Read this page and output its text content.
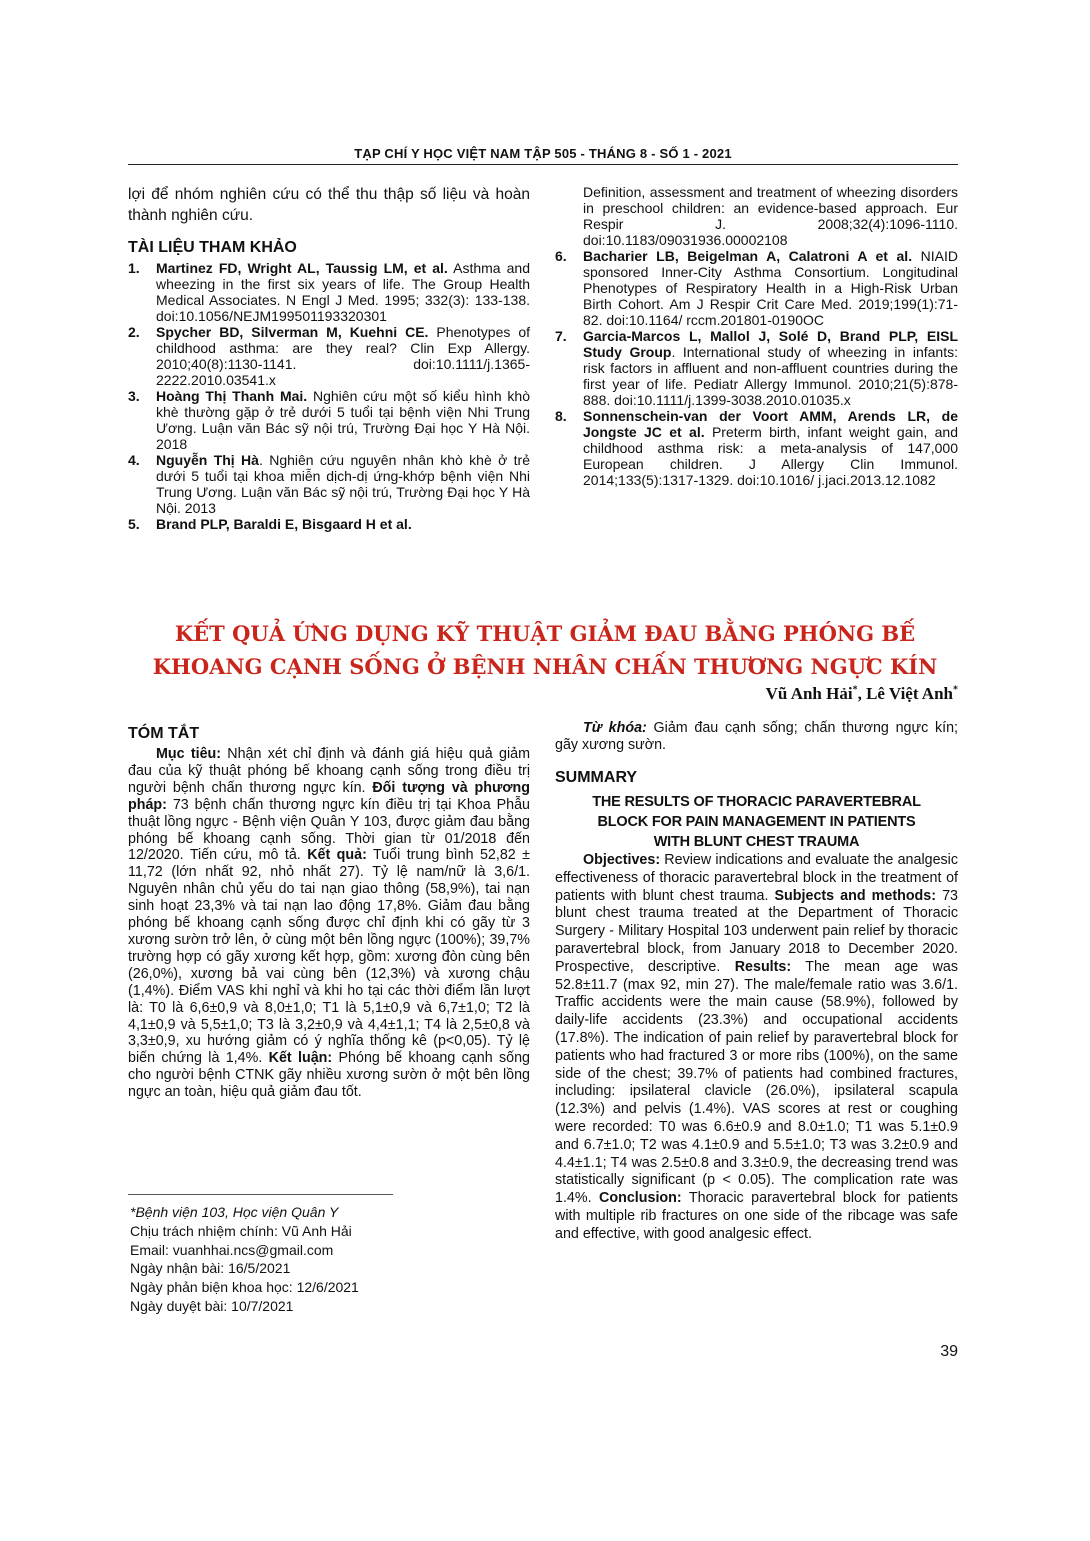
TẠP CHÍ Y HỌC VIỆT NAM TẬP 505 - THÁNG 8 - SỐ 1 - 2021

lợi để nhóm nghiên cứu có thể thu thập số liệu và hoàn thành nghiên cứu.

TÀI LIỆU THAM KHẢO
1. Martinez FD, Wright AL, Taussig LM, et al. Asthma and wheezing in the first six years of life. The Group Health Medical Associates. N Engl J Med. 1995; 332(3): 133-138. doi:10.1056/NEJM199501193320301
2. Spycher BD, Silverman M, Kuehni CE. Phenotypes of childhood asthma: are they real? Clin Exp Allergy. 2010;40(8):1130-1141. doi:10.1111/j.1365-2222.2010.03541.x
3. Hoàng Thị Thanh Mai. Nghiên cứu một số kiểu hình khò khè thường gặp ở trẻ dưới 5 tuổi tại bệnh viện Nhi Trung Ương. Luận văn Bác sỹ nội trú, Trường Đại học Y Hà Nội. 2018
4. Nguyễn Thị Hà. Nghiên cứu nguyên nhân khò khè ở trẻ dưới 5 tuổi tại khoa miễn dịch-dị ứng-khớp bệnh viện Nhi Trung Ương. Luận văn Bác sỹ nội trú, Trường Đại học Y Hà Nội. 2013
5. Brand PLP, Baraldi E, Bisgaard H et al.
Definition, assessment and treatment of wheezing disorders in preschool children: an evidence-based approach. Eur Respir J. 2008;32(4):1096-1110. doi:10.1183/09031936.00002108
6. Bacharier LB, Beigelman A, Calatroni A et al. NIAID sponsored Inner-City Asthma Consortium. Longitudinal Phenotypes of Respiratory Health in a High-Risk Urban Birth Cohort. Am J Respir Crit Care Med. 2019;199(1):71-82. doi:10.1164/ rccm.201801-0190OC
7. Garcia-Marcos L, Mallol J, Solé D, Brand PLP, EISL Study Group. International study of wheezing in infants: risk factors in affluent and non-affluent countries during the first year of life. Pediatr Allergy Immunol. 2010;21(5):878-888. doi:10.1111/j.1399-3038.2010.01035.x
8. Sonnenschein-van der Voort AMM, Arends LR, de Jongste JC et al. Preterm birth, infant weight gain, and childhood asthma risk: a meta-analysis of 147,000 European children. J Allergy Clin Immunol. 2014;133(5):1317-1329. doi:10.1016/ j.jaci.2013.12.1082
KẾT QUẢ ỨNG DỤNG KỸ THUẬT GIẢM ĐAU BẰNG PHÓNG BẾ
KHOANG CẠNH SỐNG Ở BỆNH NHÂN CHẤN THƯƠNG NGỰC KÍN
Vũ Anh Hải*, Lê Việt Anh*
TÓM TẮT

Mục tiêu: Nhận xét chỉ định và đánh giá hiệu quả giảm đau của kỹ thuật phóng bế khoang cạnh sống trong điều trị người bệnh chấn thương ngực kín. Đối tượng và phương pháp: 73 bệnh chấn thương ngực kín điều trị tại Khoa Phẫu thuật lồng ngực - Bệnh viện Quân Y 103, được giảm đau bằng phóng bế khoang cạnh sống. Thời gian từ 01/2018 đến 12/2020. Tiến cứu, mô tả. Kết quả: Tuổi trung bình 52,82 ± 11,72 (lớn nhất 92, nhỏ nhất 27). Tỷ lệ nam/nữ là 3,6/1. Nguyên nhân chủ yếu do tai nạn giao thông (58,9%), tai nạn sinh hoạt 23,3% và tai nạn lao động 17,8%. Giảm đau bằng phóng bế khoang cạnh sống được chỉ định khi có gãy từ 3 xương sườn trở lên, ở cùng một bên lồng ngực (100%); 39,7% trường hợp có gãy xương kết hợp, gồm: xương đòn cùng bên (26,0%), xương bả vai cùng bên (12,3%) và xương chậu (1,4%). Điểm VAS khi nghỉ và khi ho tại các thời điểm lần lượt là: T0 là 6,6±0,9 và 8,0±1,0; T1 là 5,1±0,9 và 6,7±1,0; T2 là 4,1±0,9 và 5,5±1,0; T3 là 3,2±0,9 và 4,4±1,1; T4 là 2,5±0,8 và 3,3±0,9, xu hướng giảm có ý nghĩa thống kê (p<0,05). Tỷ lệ biến chứng là 1,4%. Kết luận: Phóng bế khoang cạnh sống cho người bệnh CTNK gãy nhiều xương sườn ở một bên lồng ngực an toàn, hiệu quả giảm đau tốt.

*Bệnh viện 103, Học viện Quân Y

Chịu trách nhiệm chính: Vũ Anh Hải

Email: vuanhhai.ncs@gmail.com

Ngày nhận bài: 16/5/2021

Ngày phản biện khoa học: 12/6/2021

Ngày duyệt bài: 10/7/2021

Từ khóa: Giảm đau cạnh sống; chấn thương ngực kín; gãy xương sườn.

SUMMARY

THE RESULTS OF THORACIC PARAVERTEBRAL

BLOCK FOR PAIN MANAGEMENT IN PATIENTS

WITH BLUNT CHEST TRAUMA

Objectives: Review indications and evaluate the analgesic effectiveness of thoracic paravertebral block in the treatment of patients with blunt chest trauma. Subjects and methods: 73 blunt chest trauma treated at the Department of Thoracic Surgery - Military Hospital 103 underwent pain relief by thoracic paravertebral block, from January 2018 to December 2020. Prospective, descriptive. Results: The mean age was 52.8±11.7 (max 92, min 27). The male/female ratio was 3.6/1. Traffic accidents were the main cause (58.9%), followed by daily-life accidents (23.3%) and occupational accidents (17.8%). The indication of pain relief by paravertebral block for patients who had fractured 3 or more ribs (100%), on the same side of the chest; 39.7% of patients had combined fractures, including: ipsilateral clavicle (26.0%), ipsilateral scapula (12.3%) and pelvis (1.4%). VAS scores at rest or coughing were recorded: T0 was 6.6±0.9 and 8.0±1.0; T1 was 5.1±0.9 and 6.7±1.0; T2 was 4.1±0.9 and 5.5±1.0; T3 was 3.2±0.9 and 4.4±1.1; T4 was 2.5±0.8 and 3.3±0.9, the decreasing trend was statistically significant (p < 0.05). The complication rate was 1.4%. Conclusion: Thoracic paravertebral block for patients with multiple rib fractures on one side of the ribcage was safe and effective, with good analgesic effect.

39
